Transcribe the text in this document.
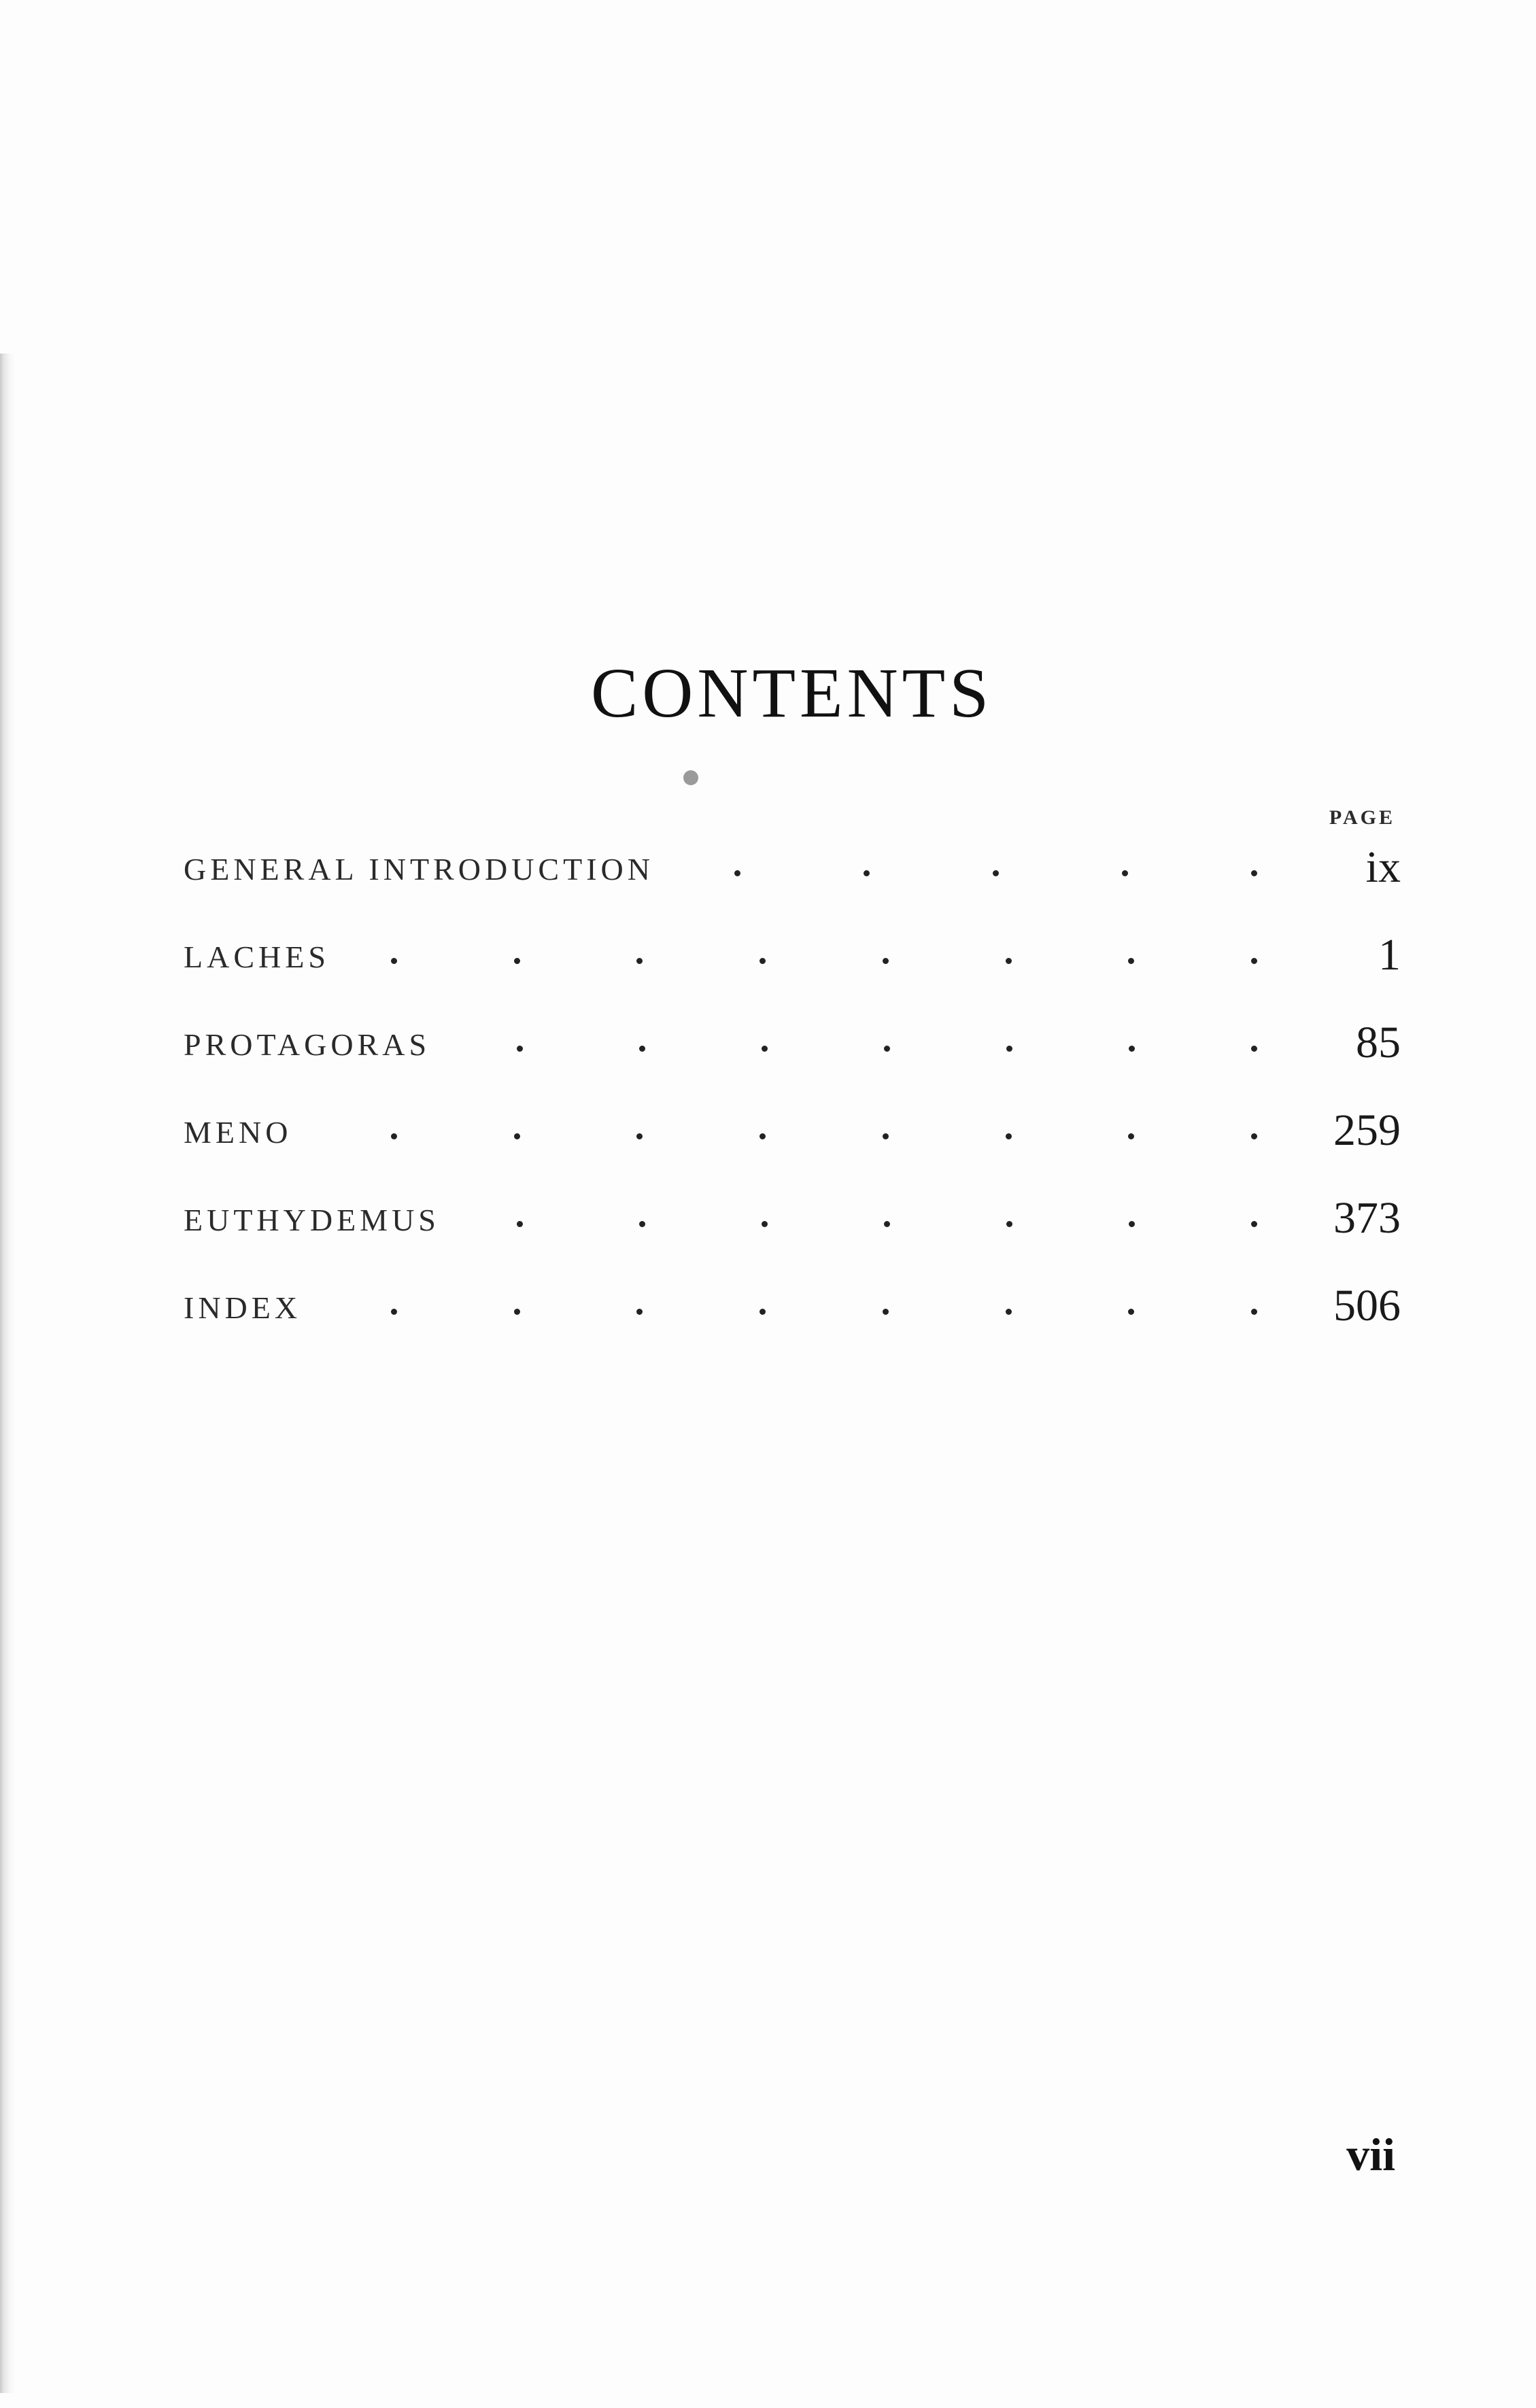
CONTENTS
PAGE
GENERAL INTRODUCTION	ix
LACHES	1
PROTAGORAS	85
MENO	259
EUTHYDEMUS	373
INDEX	506
vii
